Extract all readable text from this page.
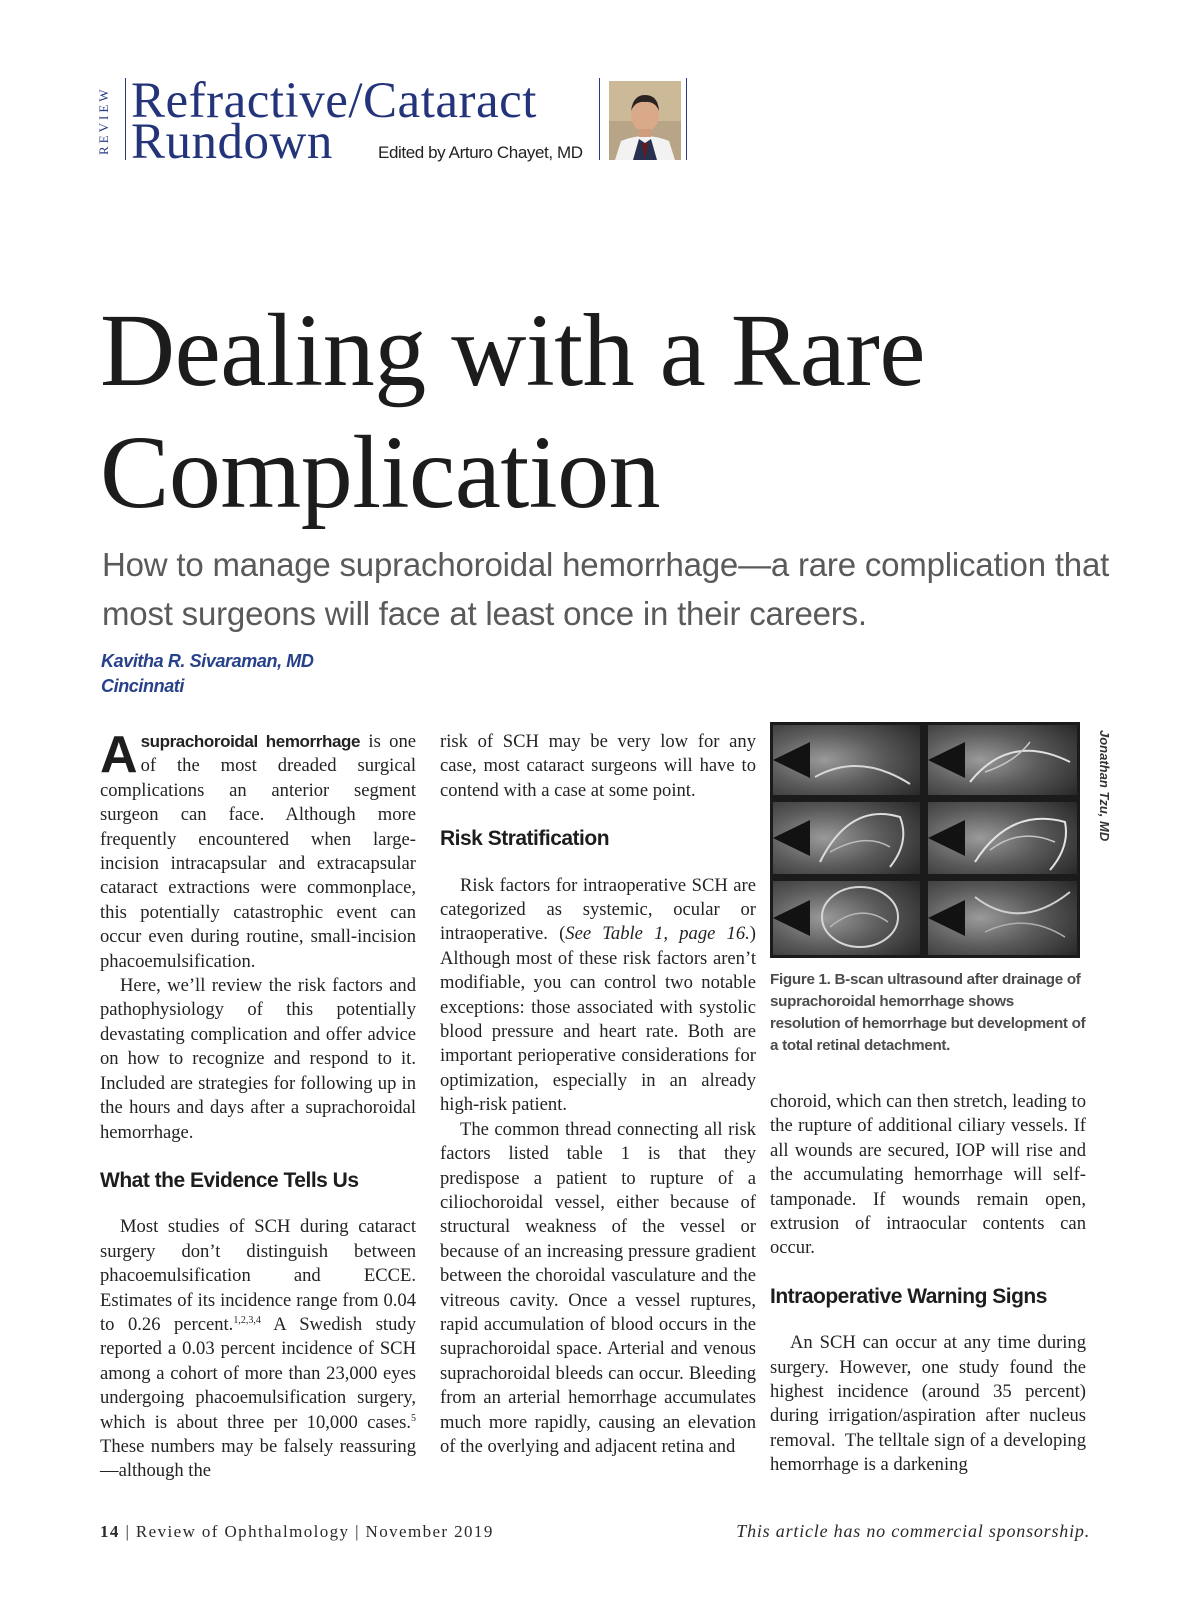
REVIEW Refractive/Cataract
Rundown	Edited by Arturo Chayet, MD
Dealing with a Rare Complication
How to manage suprachoroidal hemorrhage—a rare complication that most surgeons will face at least once in their careers.
Kavitha R. Sivaraman, MD
Cincinnati

Asuprachoroidal hemorrhage is one of the most dreaded surgical complications an anterior segment surgeon can face. Although more frequently encountered when large-incision intracapsular and extracapsular cataract extractions were commonplace, this potentially catastrophic event can occur even during routine, small-incision phacoemulsification.

Here, we’ll review the risk factors and pathophysiology of this potentially devastating complication and offer advice on how to recognize and respond to it. Included are strategies for following up in the hours and days after a suprachoroidal hemorrhage.

What the Evidence Tells Us

Most studies of SCH during cataract surgery don’t distinguish between phacoemulsification and ECCE. Estimates of its incidence range from 0.04 to 0.26 percent.$^{1,2,3,4}$ A Swedish study reported a 0.03 percent incidence of SCH among a cohort of more than 23,000 eyes undergoing phacoemulsification surgery, which is about three per 10,000 cases.$^5$ These numbers may be falsely reassuring—although the

risk of SCH may be very low for any case, most cataract surgeons will have to contend with a case at some point.

Risk Stratification

Risk factors for intraoperative SCH are categorized as systemic, ocular or intraoperative. (See Table 1, page 16.) Although most of these risk factors aren’t modifiable, you can control two notable exceptions: those associated with systolic blood pressure and heart rate. Both are important perioperative considerations for optimization, especially in an already high-risk patient.

The common thread connecting all risk factors listed table 1 is that they predispose a patient to rupture of a ciliochoroidal vessel, either because of structural weakness of the vessel or because of an increasing pressure gradient between the choroidal vasculature and the vitreous cavity. Once a vessel ruptures, rapid accumulation of blood occurs in the suprachoroidal space. Arterial and venous suprachoroidal bleeds can occur. Bleeding from an arterial hemorrhage accumulates much more rapidly, causing an elevation of the overlying and adjacent retina and

Jonathan Tzu, MD
Figure 1. B-scan ultrasound after drainage of suprachoroidal hemorrhage shows resolution of hemorrhage but development of a total retinal detachment.

choroid, which can then stretch, leading to the rupture of additional ciliary vessels. If all wounds are secured, IOP will rise and the accumulating hemorrhage will self-tamponade. If wounds remain open, extrusion of intraocular contents can occur.

Intraoperative Warning Signs

An SCH can occur at any time during surgery. However, one study found the highest incidence (around 35 percent) during irrigation/aspiration after nucleus removal.  The telltale sign of a developing hemorrhage is a darkening

14 | Review of Ophthalmology | November 2019	This article has no commercial sponsorship.
